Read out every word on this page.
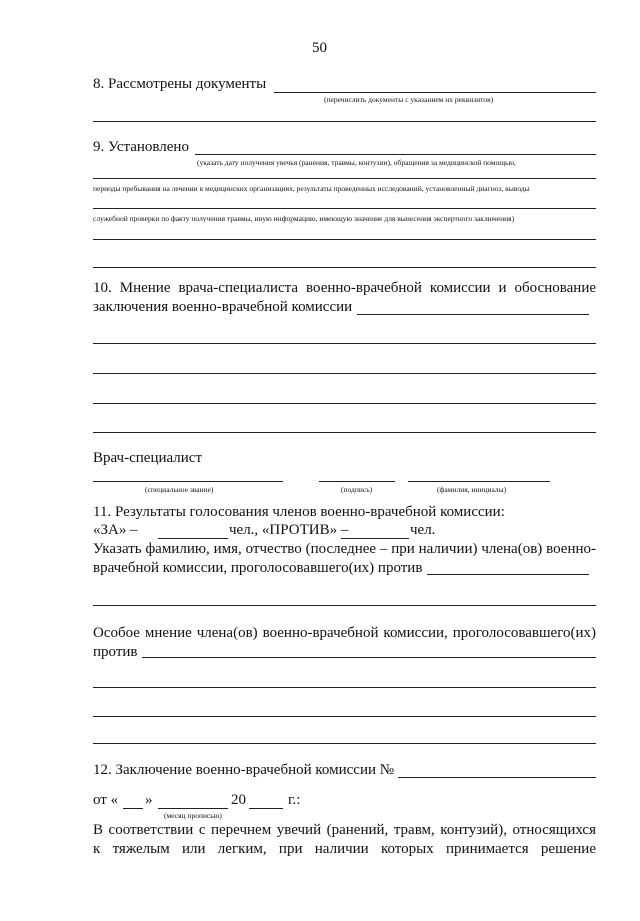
50
8. Рассмотрены документы
(перечислить документы с указанием их реквизитов)
9. Установлено
(указать дату получения увечья (ранения, травмы, контузии), обращения за медицинской помощью,
периоды пребывания на лечении в медицинских организациях, результаты проведенных исследований, установленный диагноз, выводы
служебной проверки по факту получения травмы, иную информацию, имеющую значение для вынесения экспертного заключения)
10. Мнение врача-специалиста военно-врачебной комиссии и обоснование
заключения военно-врачебной комиссии
Врач-специалист
(специальное звание)	(подпись)	(фамилия, инициалы)
11. Результаты голосования членов военно-врачебной комиссии:
«ЗА» –	чел., «ПРОТИВ» –	чел.
Указать фамилию, имя, отчество (последнее – при наличии) члена(ов) военно-
врачебной комиссии, проголосовавшего(их) против
Особое мнение члена(ов) военно-врачебной комиссии, проголосовавшего(их)
против
12. Заключение военно-врачебной комиссии №
от « »	20	г.:
(месяц прописью)
В соответствии с перечнем увечий (ранений, травм, контузий), относящихся
к тяжелым или легким, при наличии которых принимается решение
